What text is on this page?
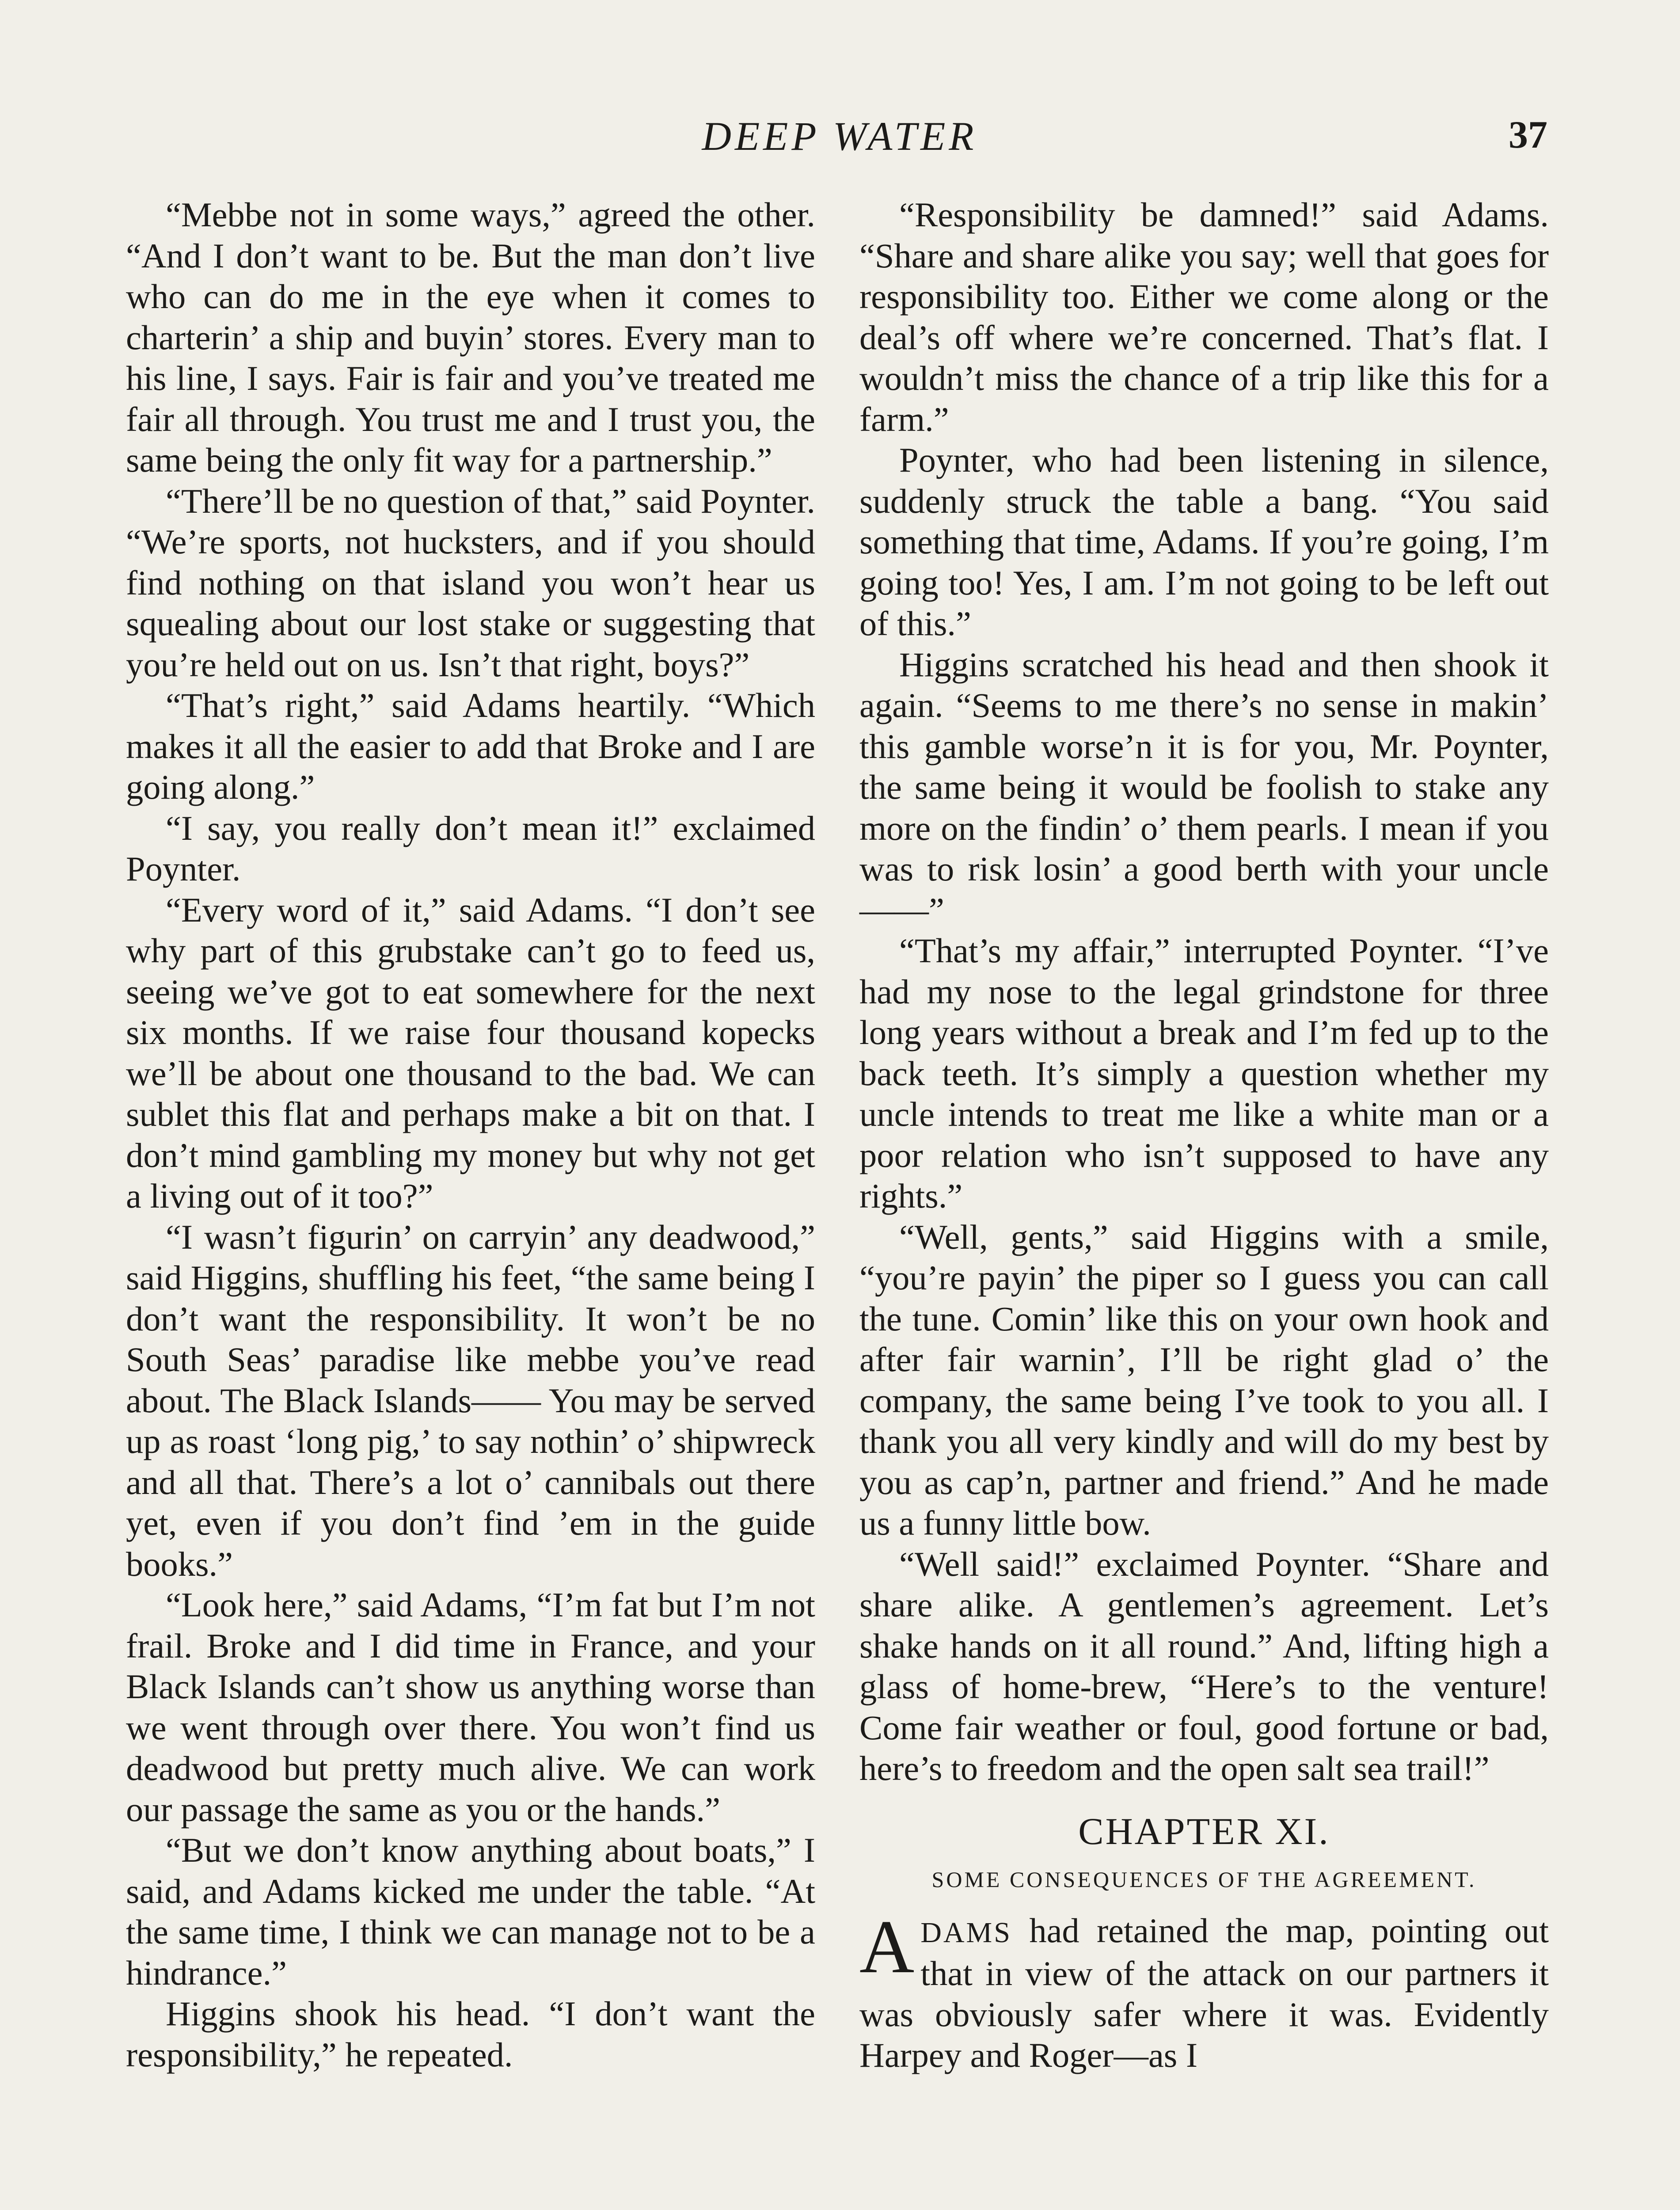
DEEP WATER	37

“Mebbe not in some ways,” agreed the other. “And I don’t want to be. But the man don’t live who can do me in the eye when it comes to charterin’ a ship and buyin’ stores. Every man to his line, I says. Fair is fair and you’ve treated me fair all through. You trust me and I trust you, the same being the only fit way for a partnership.”

“There’ll be no question of that,” said Poynter. “We’re sports, not hucksters, and if you should find nothing on that island you won’t hear us squealing about our lost stake or suggesting that you’re held out on us. Isn’t that right, boys?”

“That’s right,” said Adams heartily. “Which makes it all the easier to add that Broke and I are going along.”

“I say, you really don’t mean it!” exclaimed Poynter.

“Every word of it,” said Adams. “I don’t see why part of this grubstake can’t go to feed us, seeing we’ve got to eat somewhere for the next six months. If we raise four thousand kopecks we’ll be about one thousand to the bad. We can sublet this flat and perhaps make a bit on that. I don’t mind gambling my money but why not get a living out of it too?”

“I wasn’t figurin’ on carryin’ any deadwood,” said Higgins, shuffling his feet, “the same being I don’t want the responsibility. It won’t be no South Seas’ paradise like mebbe you’ve read about. The Black Islands—— You may be served up as roast ‘long pig,’ to say nothin’ o’ shipwreck and all that. There’s a lot o’ cannibals out there yet, even if you don’t find ’em in the guide books.”

“Look here,” said Adams, “I’m fat but I’m not frail. Broke and I did time in France, and your Black Islands can’t show us anything worse than we went through over there. You won’t find us deadwood but pretty much alive. We can work our passage the same as you or the hands.”

“But we don’t know anything about boats,” I said, and Adams kicked me under the table. “At the same time, I think we can manage not to be a hindrance.”

Higgins shook his head. “I don’t want the responsibility,” he repeated.

“Responsibility be damned!” said Adams. “Share and share alike you say; well that goes for responsibility too. Either we come along or the deal’s off where we’re concerned. That’s flat. I wouldn’t miss the chance of a trip like this for a farm.”

Poynter, who had been listening in silence, suddenly struck the table a bang. “You said something that time, Adams. If you’re going, I’m going too! Yes, I am. I’m not going to be left out of this.”

Higgins scratched his head and then shook it again. “Seems to me there’s no sense in makin’ this gamble worse’n it is for you, Mr. Poynter, the same being it would be foolish to stake any more on the findin’ o’ them pearls. I mean if you was to risk losin’ a good berth with your uncle——”

“That’s my affair,” interrupted Poynter. “I’ve had my nose to the legal grindstone for three long years without a break and I’m fed up to the back teeth. It’s simply a question whether my uncle intends to treat me like a white man or a poor relation who isn’t supposed to have any rights.”

“Well, gents,” said Higgins with a smile, “you’re payin’ the piper so I guess you can call the tune. Comin’ like this on your own hook and after fair warnin’, I’ll be right glad o’ the company, the same being I’ve took to you all. I thank you all very kindly and will do my best by you as cap’n, partner and friend.” And he made us a funny little bow.

“Well said!” exclaimed Poynter. “Share and share alike. A gentlemen’s agreement. Let’s shake hands on it all round.” And, lifting high a glass of home-brew, “Here’s to the venture! Come fair weather or foul, good fortune or bad, here’s to freedom and the open salt sea trail!”

CHAPTER XI.
SOME CONSEQUENCES OF THE AGREEMENT.

ADAMS had retained the map, pointing out that in view of the attack on our partners it was obviously safer where it was. Evidently Harpey and Roger—as I
